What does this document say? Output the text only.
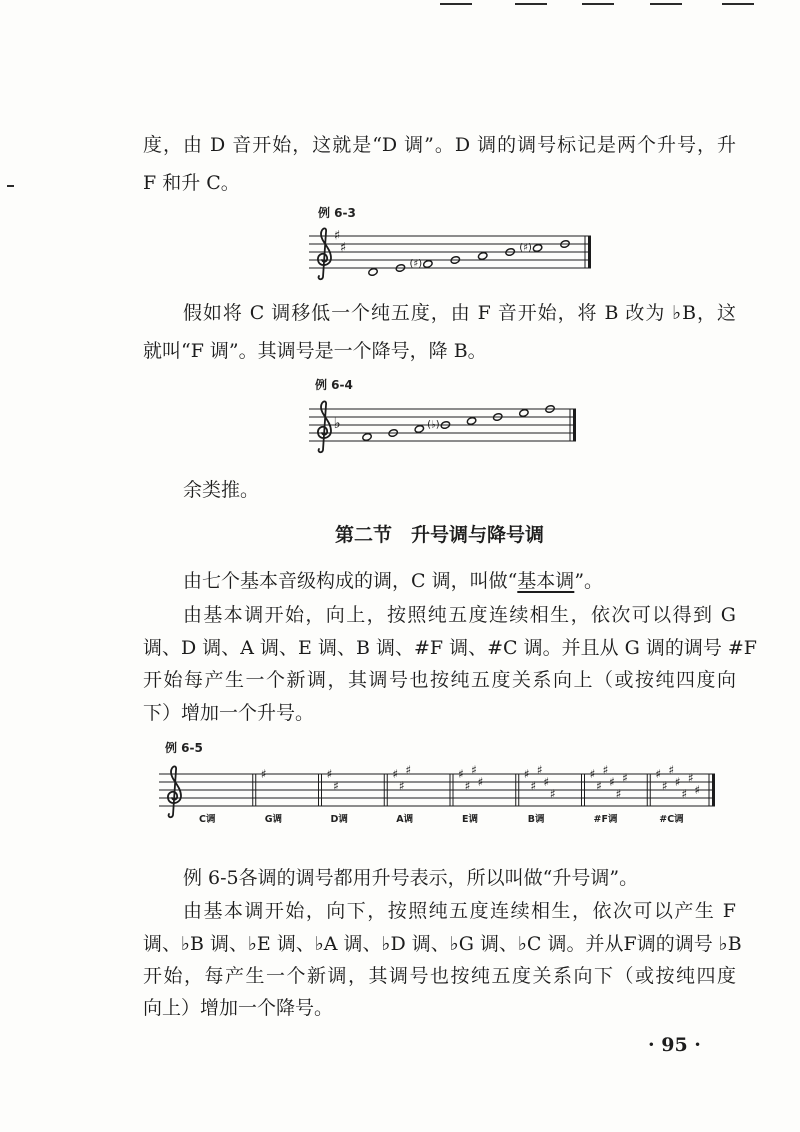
度，由 D 音开始，这就是“D 调”。D 调的调号标记是两个升号，升
F 和升 C。
例 6-3
♯
♯
(♯)
(♯)
假如将 C 调移低一个纯五度，由 F 音开始，将 B 改为 ♭B，这
就叫“F 调”。其调号是一个降号，降 B。
例 6-4
♭	(♭)
余类推。
第二节　升号调与降号调
由七个基本音级构成的调，C 调，叫做“基本调”。
由基本调开始，向上，按照纯五度连续相生，依次可以得到 G
调、D 调、A 调、E 调、B 调、#F 调、#C 调。并且从 G 调的调号 #F
开始每产生一个新调，其调号也按纯五度关系向上（或按纯四度向
下）增加一个升号。
例 6-5
C调
♯
G调
♯
♯
D调
♯
♯
♯
A调
♯
♯
♯
♯
E调
♯
♯
♯
♯
♯
B调
♯
♯
♯
♯
♯
♯
#F调
♯
♯
♯
♯
♯
♯
♯
#C调
例 6-5各调的调号都用升号表示，所以叫做“升号调”。
由基本调开始，向下，按照纯五度连续相生，依次可以产生 F
调、♭B 调、♭E 调、♭A 调、♭D 调、♭G 调、♭C 调。并从F调的调号 ♭B
开始，每产生一个新调，其调号也按纯五度关系向下（或按纯四度
向上）增加一个降号。
· 95 ·
